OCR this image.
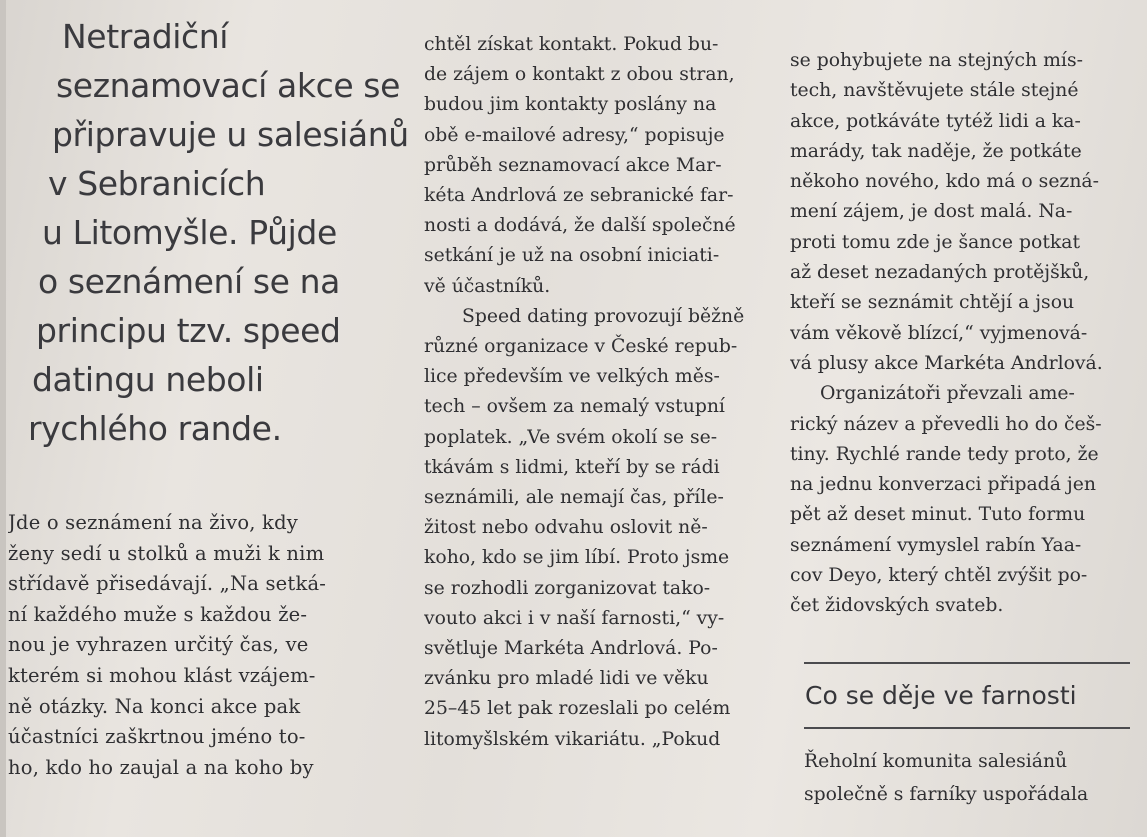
Netradiční
seznamovací akce se
připravuje u salesiánů
v Sebranicích
u Litomyšle. Půjde
o seznámení se na
principu tzv. speed
datingu neboli
rychlého rande.
Jde o seznámení na živo, kdy
ženy sedí u stolků a muži k nim
střídavě přisedávají. „Na setká-
ní každého muže s každou že-
nou je vyhrazen určitý čas, ve
kterém si mohou klást vzájem-
ně otázky. Na konci akce pak
účastníci zaškrtnou jméno to-
ho, kdo ho zaujal a na koho by
chtěl získat kontakt. Pokud bu-
de zájem o kontakt z obou stran,
budou jim kontakty poslány na
obě e-mailové adresy,“ popisuje
průběh seznamovací akce Mar-
kéta Andrlová ze sebranické far-
nosti a dodává, že další společné
setkání je už na osobní iniciati-
vě účastníků.
Speed dating provozují běžně
různé organizace v České repub-
lice především ve velkých měs-
tech – ovšem za nemalý vstupní
poplatek. „Ve svém okolí se se-
tkávám s lidmi, kteří by se rádi
seznámili, ale nemají čas, příle-
žitost nebo odvahu oslovit ně-
koho, kdo se jim líbí. Proto jsme
se rozhodli zorganizovat tako-
vouto akci i v naší farnosti,“ vy-
světluje Markéta Andrlová. Po-
zvánku pro mladé lidi ve věku
25–45 let pak rozeslali po celém
litomyšlském vikariátu. „Pokud
se pohybujete na stejných mís-
tech, navštěvujete stále stejné
akce, potkáváte tytéž lidi a ka-
marády, tak naděje, že potkáte
někoho nového, kdo má o sezná-
mení zájem, je dost malá. Na-
proti tomu zde je šance potkat
až deset nezadaných protějšků,
kteří se seznámit chtějí a jsou
vám věkově blízcí,“ vyjmenová-
vá plusy akce Markéta Andrlová.
Organizátoři převzali ame-
rický název a převedli ho do češ-
tiny. Rychlé rande tedy proto, že
na jednu konverzaci připadá jen
pět až deset minut. Tuto formu
seznámení vymyslel rabín Yaa-
cov Deyo, který chtěl zvýšit po-
čet židovských svateb.
Co se děje ve farnosti
Řeholní komunita salesiánů
společně s farníky uspořádala
